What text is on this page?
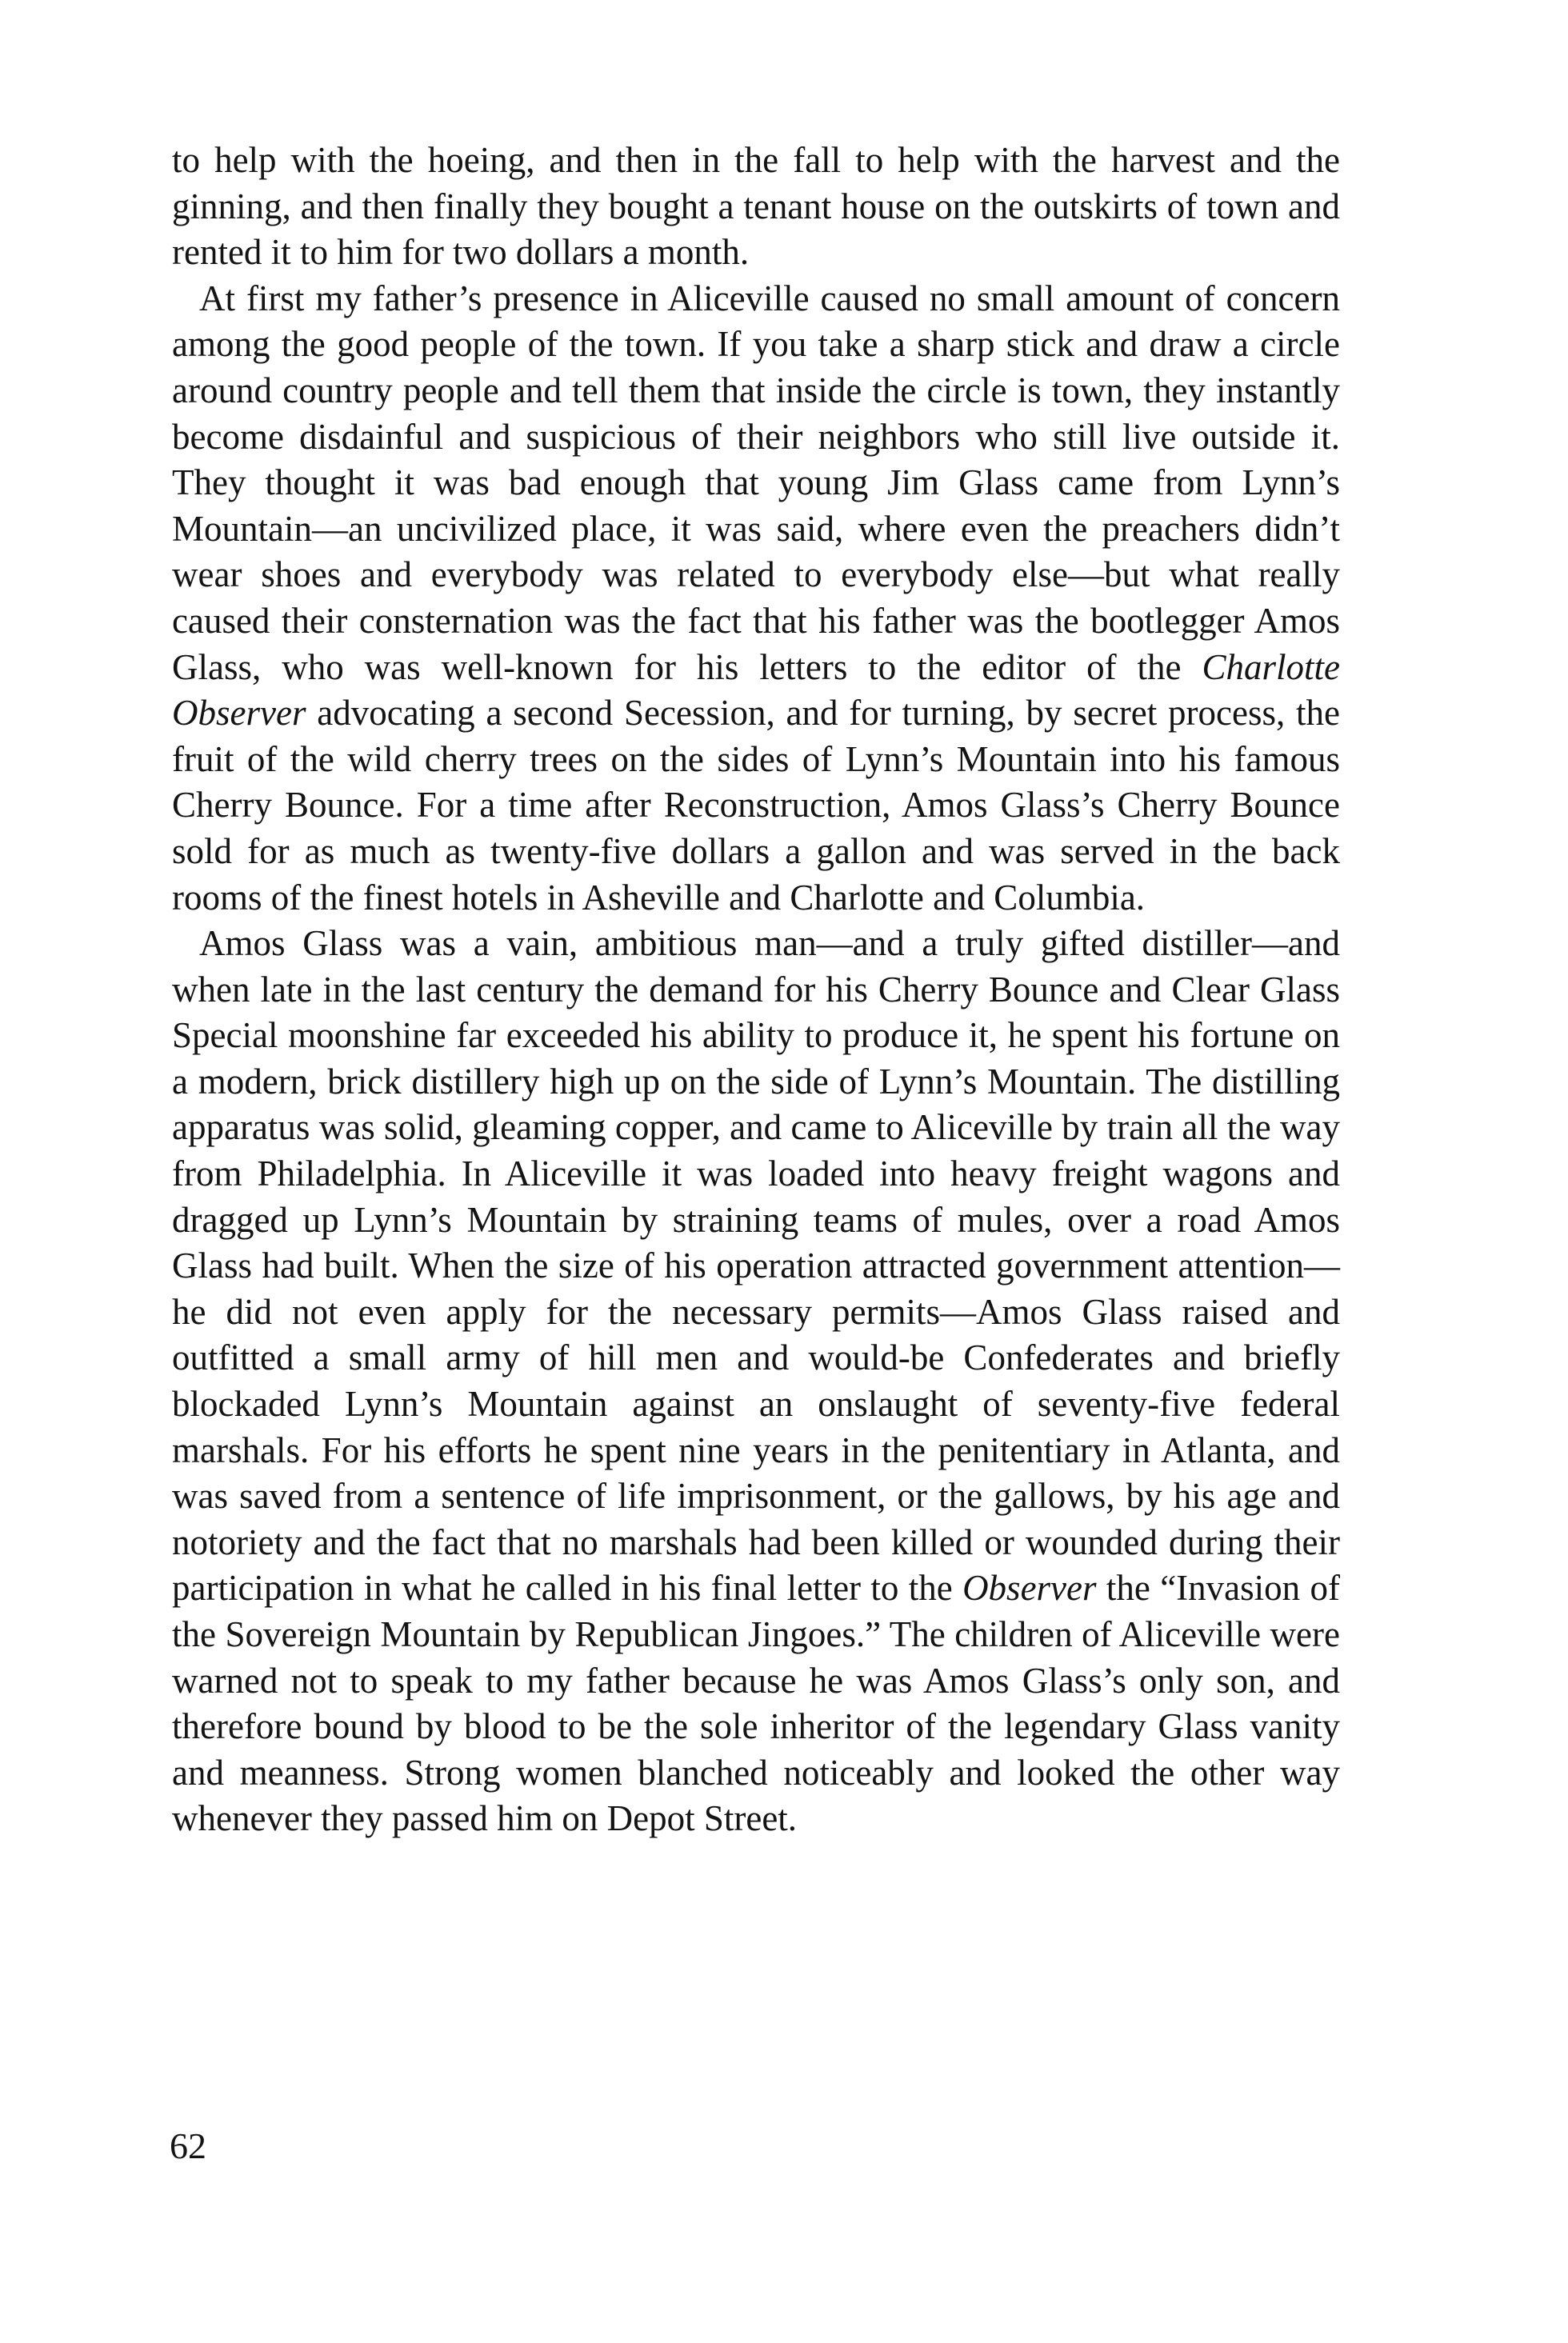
to help with the hoeing, and then in the fall to help with the harvest and the ginning, and then finally they bought a tenant house on the outskirts of town and rented it to him for two dollars a month.

At first my father’s presence in Aliceville caused no small amount of concern among the good people of the town. If you take a sharp stick and draw a circle around country people and tell them that inside the circle is town, they instantly become disdainful and suspicious of their neighbors who still live outside it. They thought it was bad enough that young Jim Glass came from Lynn’s Mountain—an uncivilized place, it was said, where even the preachers didn’t wear shoes and everybody was related to everybody else—but what really caused their consternation was the fact that his father was the bootlegger Amos Glass, who was well-known for his letters to the editor of the Charlotte Observer advocating a second Secession, and for turning, by secret process, the fruit of the wild cherry trees on the sides of Lynn’s Mountain into his famous Cherry Bounce. For a time after Reconstruction, Amos Glass’s Cherry Bounce sold for as much as twenty-five dollars a gallon and was served in the back rooms of the finest hotels in Asheville and Charlotte and Columbia.

Amos Glass was a vain, ambitious man—and a truly gifted distiller—and when late in the last century the demand for his Cherry Bounce and Clear Glass Special moonshine far exceeded his ability to produce it, he spent his fortune on a modern, brick distillery high up on the side of Lynn’s Mountain. The distilling apparatus was solid, gleaming copper, and came to Aliceville by train all the way from Philadelphia. In Aliceville it was loaded into heavy freight wagons and dragged up Lynn’s Mountain by straining teams of mules, over a road Amos Glass had built. When the size of his operation attracted government attention—he did not even apply for the necessary permits—Amos Glass raised and outfitted a small army of hill men and would-be Confederates and briefly blockaded Lynn’s Mountain against an onslaught of seventy-five federal marshals. For his efforts he spent nine years in the penitentiary in Atlanta, and was saved from a sentence of life imprisonment, or the gallows, by his age and notoriety and the fact that no marshals had been killed or wounded during their participation in what he called in his final letter to the Observer the “Invasion of the Sovereign Mountain by Republican Jingoes.” The children of Aliceville were warned not to speak to my father because he was Amos Glass’s only son, and therefore bound by blood to be the sole inheritor of the legendary Glass vanity and meanness. Strong women blanched noticeably and looked the other way whenever they passed him on Depot Street.

62
